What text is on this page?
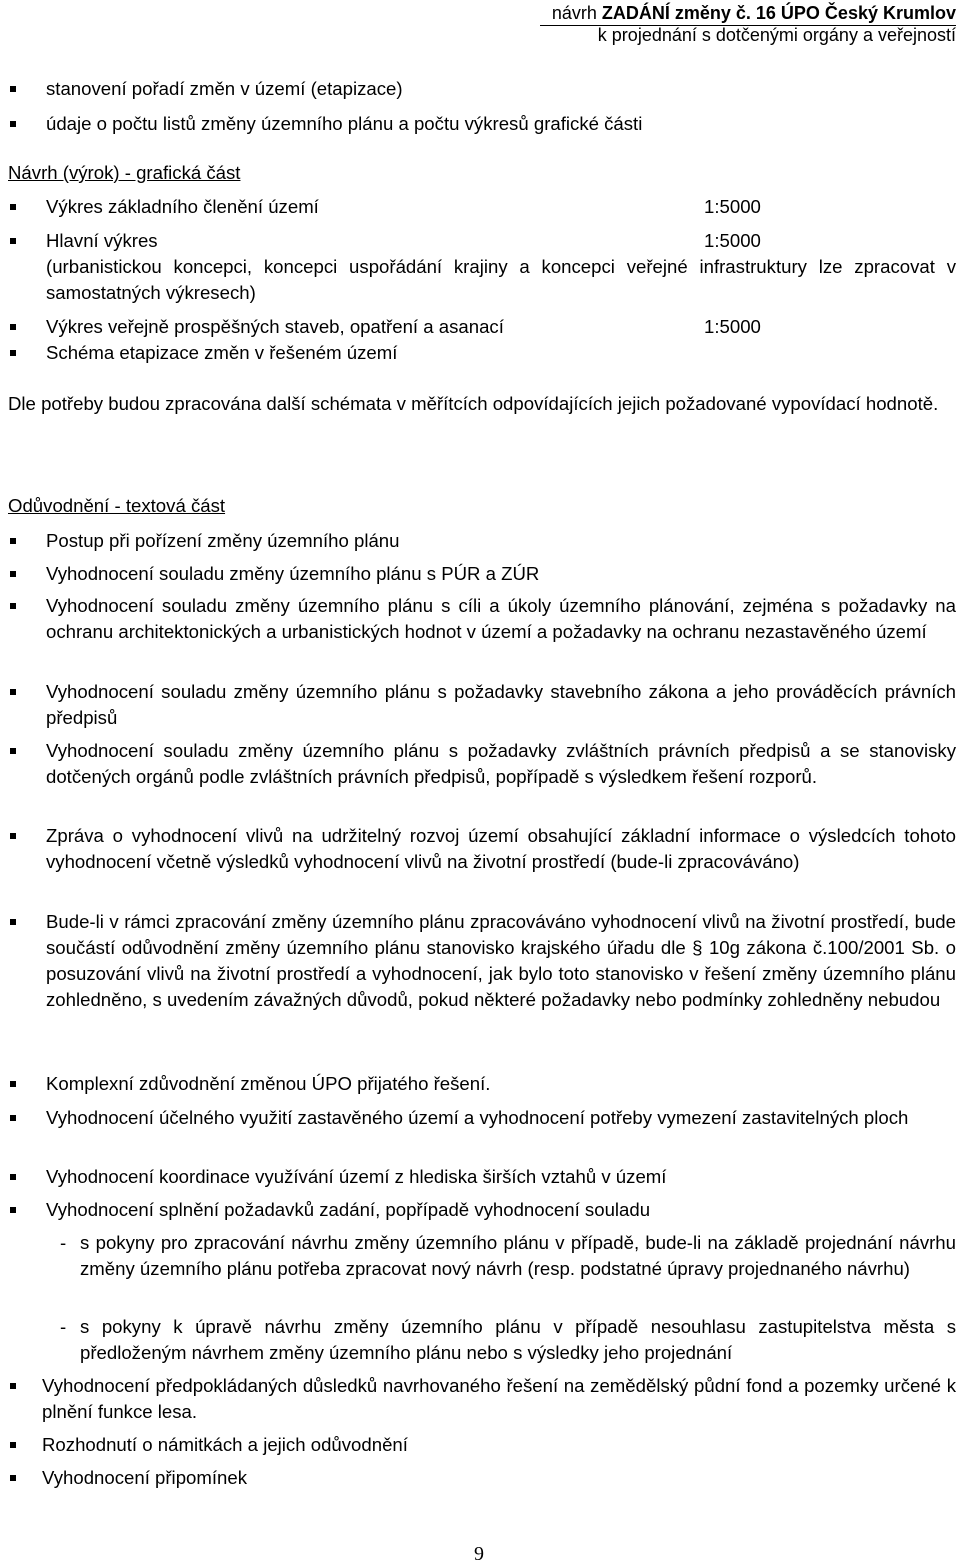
návrh ZADÁNÍ změny č. 16 ÚPO Český Krumlov
k projednání s dotčenými orgány a veřejností
stanovení pořadí změn v území (etapizace)
údaje o počtu listů změny územního plánu a počtu výkresů grafické části
Návrh (výrok) - grafická část
Výkres základního členění území	1:5000
Hlavní výkres	1:5000
(urbanistickou koncepci, koncepci uspořádání krajiny a koncepci veřejné infrastruktury lze zpracovat v samostatných výkresech)
Výkres veřejně prospěšných staveb, opatření a asanací	1:5000
Schéma etapizace změn v řešeném území
Dle potřeby budou zpracována další schémata v měřítcích odpovídajících jejich požadované vypovídací hodnotě.
Odůvodnění - textová část
Postup při pořízení změny územního plánu
Vyhodnocení souladu změny územního plánu s PÚR a ZÚR
Vyhodnocení souladu změny územního plánu s cíli a úkoly územního plánování, zejména s požadavky na ochranu architektonických a urbanistických hodnot v území a požadavky na ochranu nezastavěného území
Vyhodnocení souladu změny územního plánu s požadavky stavebního zákona a jeho prováděcích právních předpisů
Vyhodnocení souladu změny územního plánu s požadavky zvláštních právních předpisů a se stanovisky dotčených orgánů podle zvláštních právních předpisů, popřípadě s výsledkem řešení rozporů.
Zpráva o vyhodnocení vlivů na udržitelný rozvoj území obsahující základní informace o výsledcích tohoto vyhodnocení včetně výsledků vyhodnocení vlivů na životní prostředí (bude-li zpracováváno)
Bude-li v rámci zpracování změny územního plánu zpracováváno vyhodnocení vlivů na životní prostředí, bude součástí odůvodnění změny územního plánu stanovisko krajského úřadu dle § 10g zákona č.100/2001 Sb. o posuzování vlivů na životní prostředí a vyhodnocení, jak bylo toto stanovisko v řešení změny územního plánu zohledněno, s uvedením závažných důvodů, pokud některé požadavky nebo podmínky zohledněny nebudou
Komplexní zdůvodnění změnou ÚPO přijatého řešení.
Vyhodnocení účelného využití zastavěného území a vyhodnocení potřeby vymezení zastavitelných ploch
Vyhodnocení koordinace využívání území z hlediska širších vztahů v území
Vyhodnocení splnění požadavků zadání, popřípadě vyhodnocení souladu
- s pokyny pro zpracování návrhu změny územního plánu v případě, bude-li na základě projednání návrhu změny územního plánu potřeba zpracovat nový návrh (resp. podstatné úpravy projednaného návrhu)
- s pokyny k úpravě návrhu změny územního plánu v případě nesouhlasu zastupitelstva města s předloženým návrhem změny územního plánu nebo s výsledky jeho projednání
Vyhodnocení předpokládaných důsledků navrhovaného řešení na zemědělský půdní fond a pozemky určené k plnění funkce lesa.
Rozhodnutí o námitkách a jejich odůvodnění
Vyhodnocení připomínek
9
